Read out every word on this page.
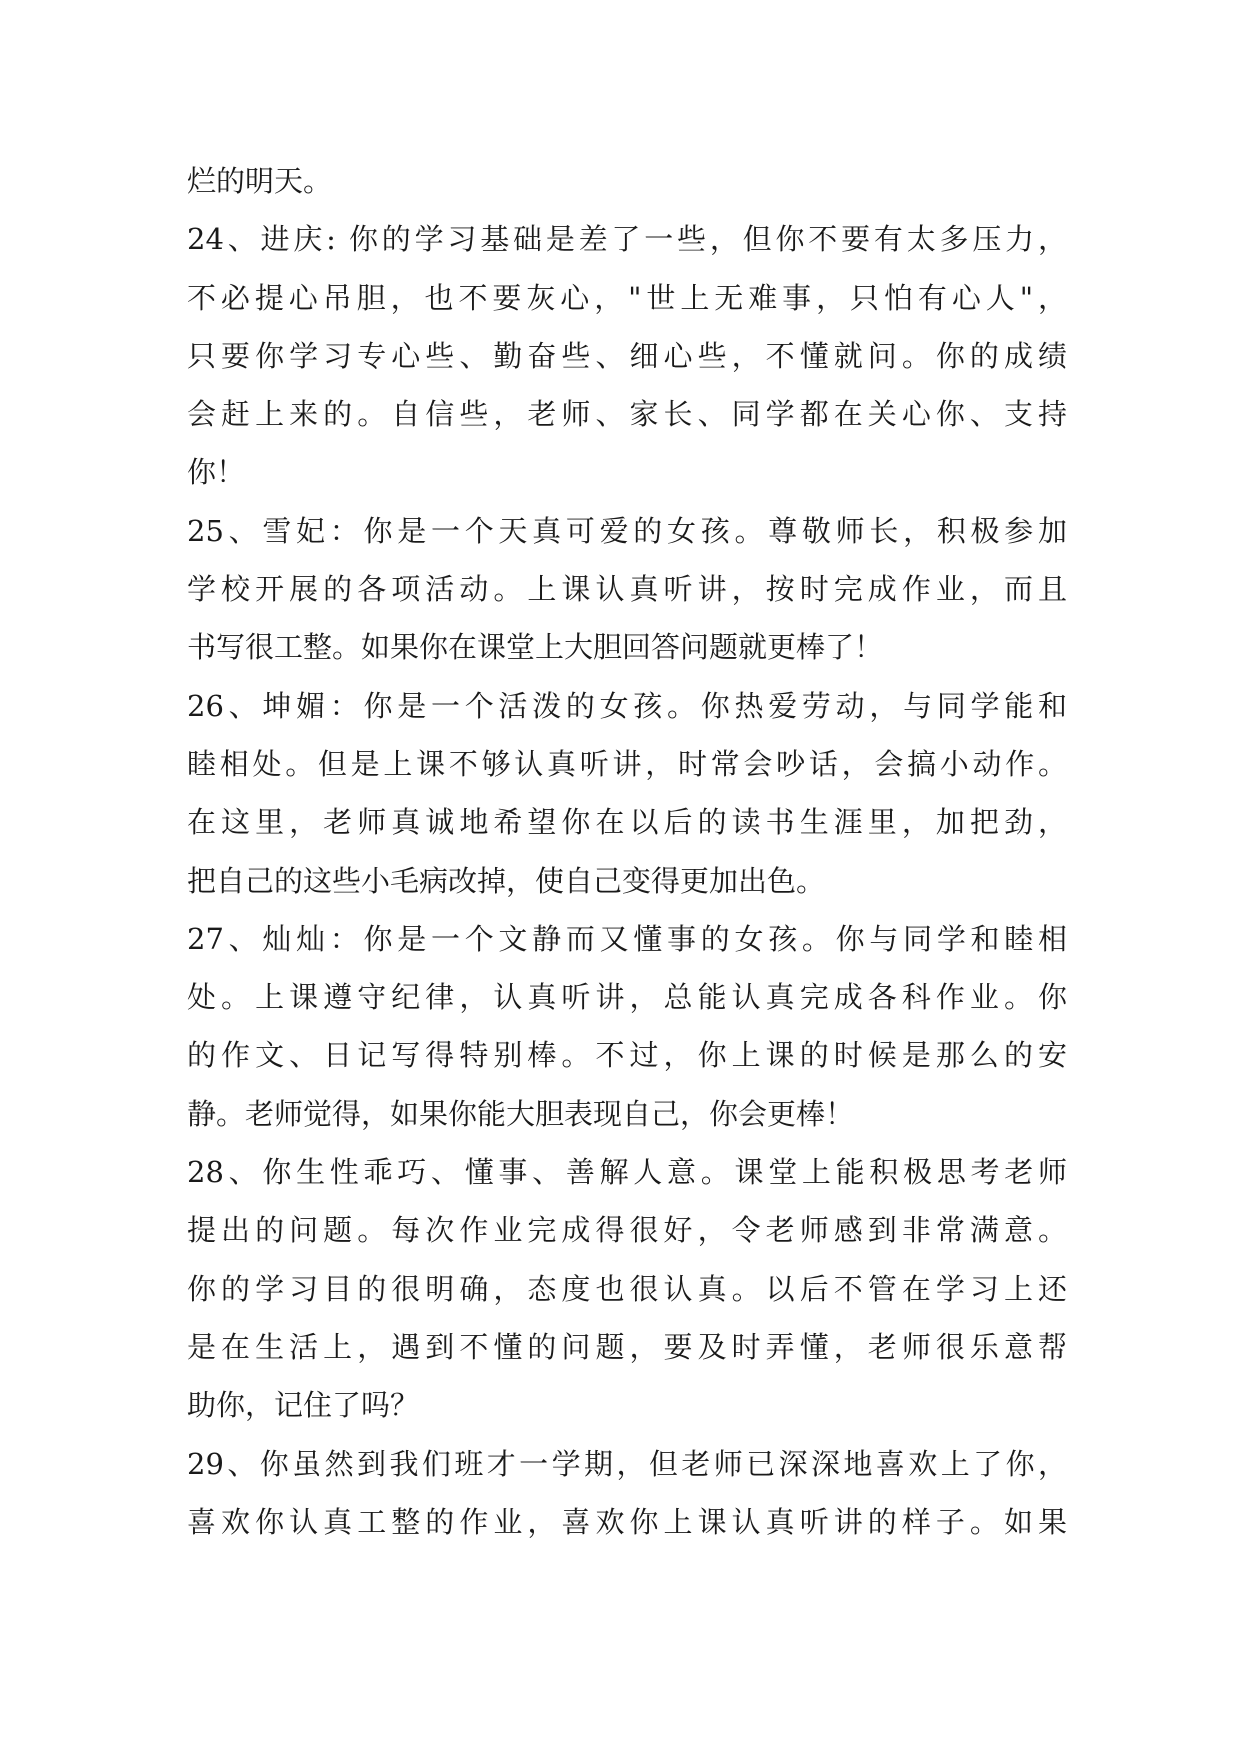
烂的明天。
24、进庆: 你的学习基础是差了一些，但你不要有太多压力，
不必提心吊胆，也不要灰心，"世上无难事，只怕有心人"，
只要你学习专心些、勤奋些、细心些，不懂就问。你的成绩
会赶上来的。自信些，老师、家长、同学都在关心你、支持
你！
25、雪妃：你是一个天真可爱的女孩。尊敬师长，积极参加
学校开展的各项活动。上课认真听讲，按时完成作业，而且
书写很工整。如果你在课堂上大胆回答问题就更棒了！
26、坤媚：你是一个活泼的女孩。你热爱劳动，与同学能和
睦相处。但是上课不够认真听讲，时常会吵话，会搞小动作。
在这里，老师真诚地希望你在以后的读书生涯里，加把劲，
把自己的这些小毛病改掉，使自己变得更加出色。
27、灿灿：你是一个文静而又懂事的女孩。你与同学和睦相
处。上课遵守纪律，认真听讲，总能认真完成各科作业。你
的作文、日记写得特别棒。不过，你上课的时候是那么的安
静。老师觉得，如果你能大胆表现自己，你会更棒！
28、你生性乖巧、懂事、善解人意。课堂上能积极思考老师
提出的问题。每次作业完成得很好，令老师感到非常满意。
你的学习目的很明确，态度也很认真。以后不管在学习上还
是在生活上，遇到不懂的问题，要及时弄懂，老师很乐意帮
助你，记住了吗？
29、你虽然到我们班才一学期，但老师已深深地喜欢上了你，
喜欢你认真工整的作业，喜欢你上课认真听讲的样子。如果
